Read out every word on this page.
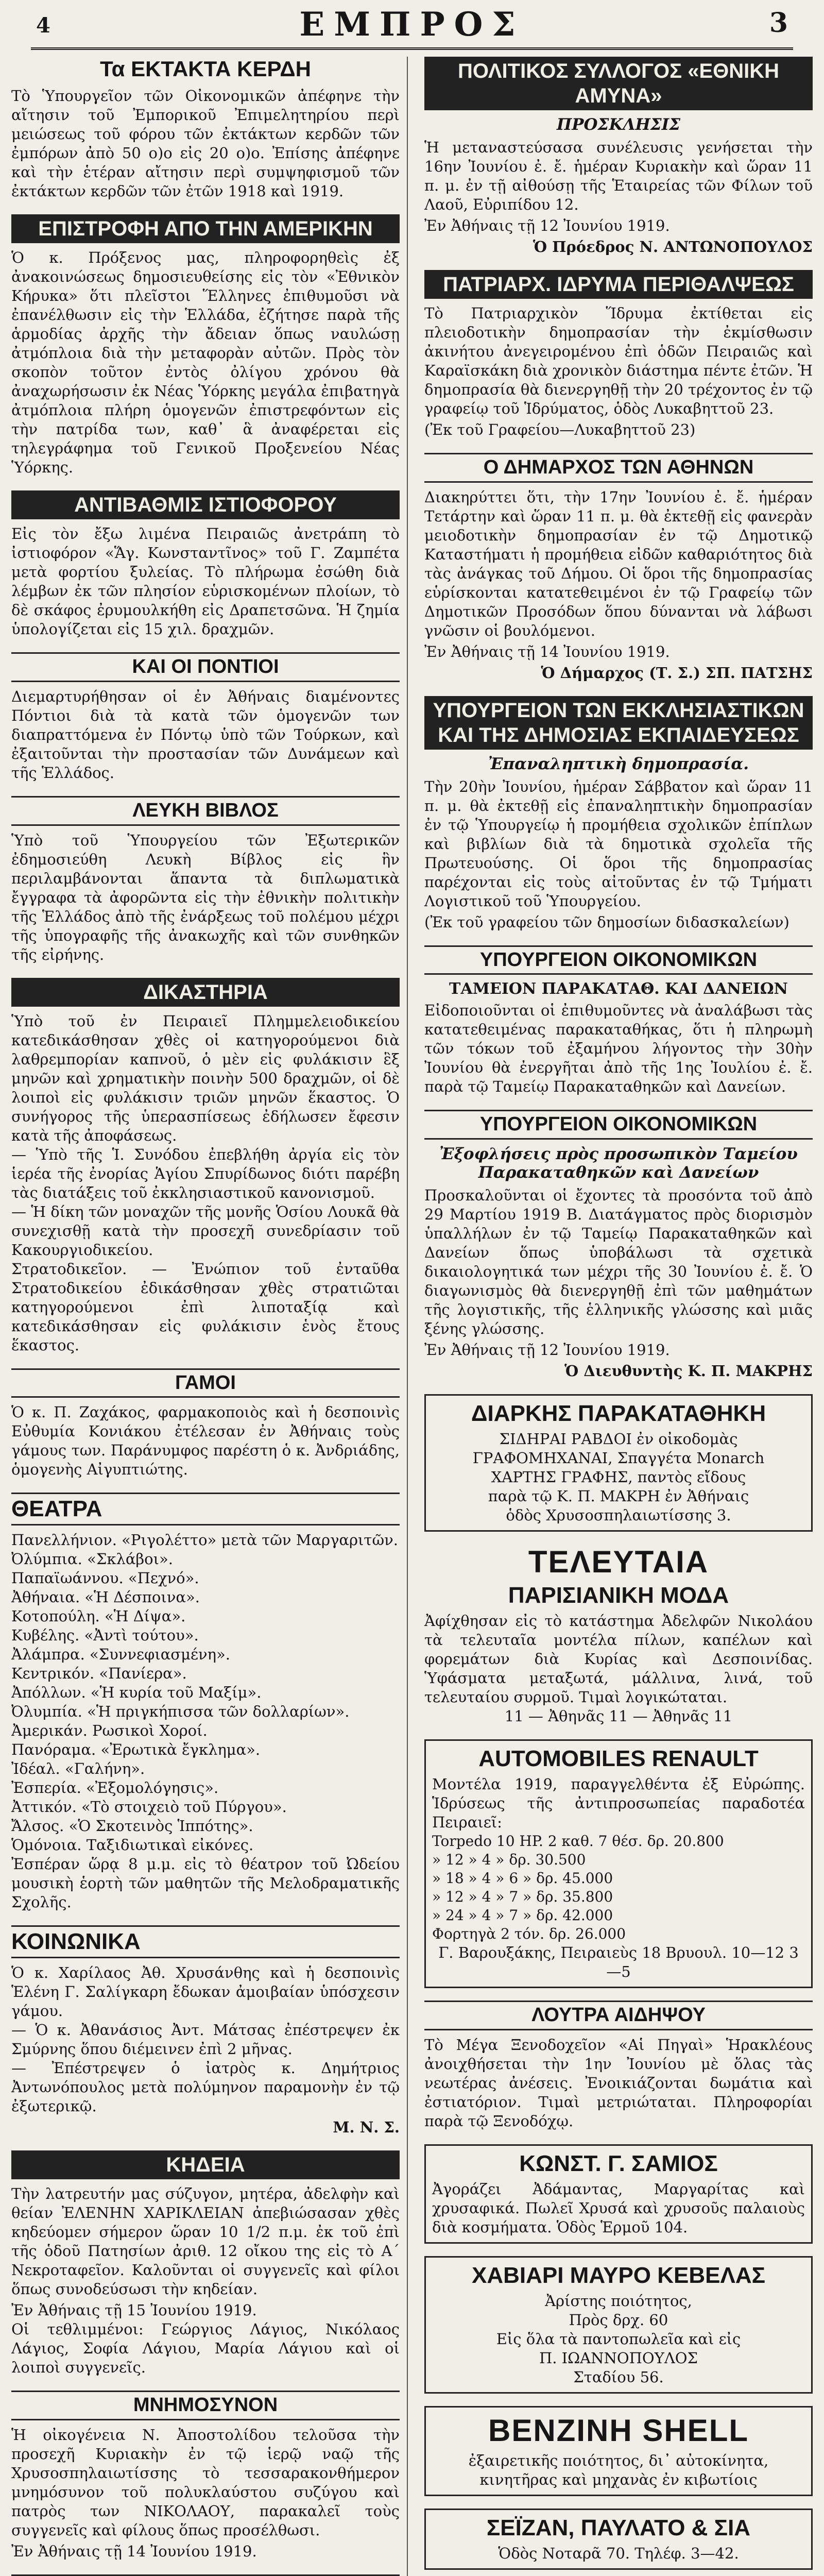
4	ΕΜΠΡΟΣ	3
Τα ΕΚΤΑΚΤΑ ΚΕΡΔΗ

Τὸ Ὑπουργεῖον τῶν Οἰκονομικῶν ἀπέφηνε τὴν αἴτησιν τοῦ Ἐμπορικοῦ Ἐπιμελητηρίου περὶ μειώσεως τοῦ φόρου τῶν ἐκτάκτων κερδῶν τῶν ἐμπόρων ἀπὸ 50 ο)ο εἰς 20 ο)ο. Ἐπίσης ἀπέφηνε καὶ τὴν ἑτέραν αἴτησιν περὶ συμψηφισμοῦ τῶν ἐκτάκτων κερδῶν τῶν ἐτῶν 1918 καὶ 1919.

ΕΠΙΣΤΡΟΦΗ ΑΠΟ ΤΗΝ ΑΜΕΡΙΚΗΝ

Ὁ κ. Πρόξενος μας, πληροφορηθεὶς ἐξ ἀνακοινώσεως δημοσιευθείσης εἰς τὸν «Ἐθνικὸν Κήρυκα» ὅτι πλεῖστοι Ἕλληνες ἐπιθυμοῦσι νὰ ἐπανέλθωσιν εἰς τὴν Ἑλλάδα, ἐζήτησε παρὰ τῆς ἁρμοδίας ἀρχῆς τὴν ἄδειαν ὅπως ναυλώσῃ ἀτμόπλοια διὰ τὴν μεταφορὰν αὐτῶν. Πρὸς τὸν σκοπὸν τοῦτον ἐντὸς ὀλίγου χρόνου θὰ ἀναχωρήσωσιν ἐκ Νέας Ὑόρκης μεγάλα ἐπιβατηγὰ ἀτμόπλοια πλήρη ὁμογενῶν ἐπιστρεφόντων εἰς τὴν πατρίδα των, καθ᾽ ἃ ἀναφέρεται εἰς τηλεγράφημα τοῦ Γενικοῦ Προξενείου Νέας Ὑόρκης.

ΑΝΤΙΒΑΘΜΙΣ ΙΣΤΙΟΦΟΡΟΥ

Εἰς τὸν ἔξω λιμένα Πειραιῶς ἀνετράπη τὸ ἰστιοφόρον «Ἅγ. Κωνσταντῖνος» τοῦ Γ. Ζαμπέτα μετὰ φορτίου ξυλείας. Τὸ πλήρωμα ἐσώθη διὰ λέμβων ἐκ τῶν πλησίον εὑρισκομένων πλοίων, τὸ δὲ σκάφος ἐρυμουλκήθη εἰς Δραπετσῶνα. Ἡ ζημία ὑπολογίζεται εἰς 15 χιλ. δραχμῶν.

ΚΑΙ ΟΙ ΠΟΝΤΙΟΙ

Διεμαρτυρήθησαν οἱ ἐν Ἀθήναις διαμένοντες Πόντιοι διὰ τὰ κατὰ τῶν ὁμογενῶν των διαπραττόμενα ἐν Πόντῳ ὑπὸ τῶν Τούρκων, καὶ ἐξαιτοῦνται τὴν προστασίαν τῶν Δυνάμεων καὶ τῆς Ἑλλάδος.

ΛΕΥΚΗ ΒΙΒΛΟΣ

Ὑπὸ τοῦ Ὑπουργείου τῶν Ἐξωτερικῶν ἐδημοσιεύθη Λευκὴ Βίβλος εἰς ἣν περιλαμβάνονται ἅπαντα τὰ διπλωματικὰ ἔγγραφα τὰ ἀφορῶντα εἰς τὴν ἐθνικὴν πολιτικὴν τῆς Ἑλλάδος ἀπὸ τῆς ἐνάρξεως τοῦ πολέμου μέχρι τῆς ὑπογραφῆς τῆς ἀνακωχῆς καὶ τῶν συνθηκῶν τῆς εἰρήνης.

ΔΙΚΑΣΤΗΡΙΑ

Ὑπὸ τοῦ ἐν Πειραιεῖ Πλημμελειοδικείου κατεδικάσθησαν χθὲς οἱ κατηγορούμενοι διὰ λαθρεμπορίαν καπνοῦ, ὁ μὲν εἰς φυλάκισιν ἓξ μηνῶν καὶ χρηματικὴν ποινὴν 500 δραχμῶν, οἱ δὲ λοιποὶ εἰς φυλάκισιν τριῶν μηνῶν ἕκαστος. Ὁ συνήγορος τῆς ὑπερασπίσεως ἐδήλωσεν ἔφεσιν κατὰ τῆς ἀποφάσεως.

— Ὑπὸ τῆς Ἱ. Συνόδου ἐπεβλήθη ἀργία εἰς τὸν ἱερέα τῆς ἐνορίας Ἁγίου Σπυρίδωνος διότι παρέβη τὰς διατάξεις τοῦ ἐκκλησιαστικοῦ κανονισμοῦ.

— Ἡ δίκη τῶν μοναχῶν τῆς μονῆς Ὁσίου Λουκᾶ θὰ συνεχισθῇ κατὰ τὴν προσεχῆ συνεδρίασιν τοῦ Κακουργιοδικείου.

Στρατοδικεῖον. — Ἐνώπιον τοῦ ἐνταῦθα Στρατοδικείου ἐδικάσθησαν χθὲς στρατιῶται κατηγορούμενοι ἐπὶ λιποταξίᾳ καὶ κατεδικάσθησαν εἰς φυλάκισιν ἑνὸς ἔτους ἕκαστος.

ΓΑΜΟΙ

Ὁ κ. Π. Ζαχάκος, φαρμακοποιὸς καὶ ἡ δεσποινὶς Εὐθυμία Κονιάκου ἐτέλεσαν ἐν Ἀθήναις τοὺς γάμους των. Παράνυμφος παρέστη ὁ κ. Ἀνδριάδης, ὁμογενὴς Αἰγυπτιώτης.

ΘΕΑΤΡΑ
Πανελλήνιον. «Ριγολέττο» μετὰ τῶν Μαργαριτῶν.
Ὀλύμπια. «Σκλάβοι».
Παπαϊωάννου. «Πεχνό».
Ἀθήναια. «Ἡ Δέσποινα».
Κοτοπούλη. «Ἡ Δίψα».
Κυβέλης. «Ἀντὶ τούτου».
Ἀλάμπρα. «Συννεφιασμένη».
Κεντρικόν. «Πανίερα».
Ἀπόλλων. «Ἡ κυρία τοῦ Μαξίμ».
Ὀλυμπία. «Ἡ πριγκήπισσα τῶν δολλαρίων».
Ἀμερικάν. Ρωσικοὶ Χοροί.
Πανόραμα. «Ἐρωτικὰ ἔγκλημα».
Ἰδέαλ. «Γαλήνη».
Ἐσπερία. «Ἐξομολόγησις».
Ἀττικόν. «Τὸ στοιχειὸ τοῦ Πύργου».
Ἄλσος. «Ὁ Σκοτεινὸς Ἱππότης».
Ὁμόνοια. Ταξιδιωτικαὶ εἰκόνες.

Ἐσπέραν ὥρᾳ 8 μ.μ. εἰς τὸ θέατρον τοῦ Ὠδείου μουσικὴ ἑορτὴ τῶν μαθητῶν τῆς Μελοδραματικῆς Σχολῆς.

ΚΟΙΝΩΝΙΚΑ

Ὁ κ. Χαρίλαος Ἀθ. Χρυσάνθης καὶ ἡ δεσποινὶς Ἑλένη Γ. Σαλίγκαρη ἔδωκαν ἀμοιβαίαν ὑπόσχεσιν γάμου.

— Ὁ κ. Ἀθανάσιος Ἀντ. Μάτσας ἐπέστρεψεν ἐκ Σμύρνης ὅπου διέμεινεν ἐπὶ 2 μῆνας.

— Ἐπέστρεψεν ὁ ἰατρὸς κ. Δημήτριος Ἀντωνόπουλος μετὰ πολύμηνον παραμονὴν ἐν τῷ ἐξωτερικῷ.

Μ. Ν. Σ.

ΚΗΔΕΙΑ

Τὴν λατρευτήν μας σύζυγον, μητέρα, ἀδελφὴν καὶ θείαν ἘΛΕΝΗΝ ΧΑΡΙΚΛΕΙΑΝ ἀπεβιώσασαν χθὲς κηδεύομεν σήμερον ὥραν 10 1/2 π.μ. ἐκ τοῦ ἐπὶ τῆς ὁδοῦ Πατησίων ἀριθ. 12 οἴκου της εἰς τὸ Α΄ Νεκροταφεῖον. Καλοῦνται οἱ συγγενεῖς καὶ φίλοι ὅπως συνοδεύσωσι τὴν κηδείαν.

Ἐν Ἀθήναις τῇ 15 Ἰουνίου 1919.

Οἱ τεθλιμμένοι: Γεώργιος Λάγιος, Νικόλαος Λάγιος, Σοφία Λάγιου, Μαρία Λάγιου καὶ οἱ λοιποὶ συγγενεῖς.

ΜΝΗΜΟΣΥΝΟΝ

Ἡ οἰκογένεια Ν. Ἀποστολίδου τελοῦσα τὴν προσεχῆ Κυριακὴν ἐν τῷ ἱερῷ ναῷ τῆς Χρυσοσπηλαιωτίσσης τὸ τεσσαρακονθήμερον μνημόσυνον τοῦ πολυκλαύστου συζύγου καὶ πατρὸς των ΝΙΚΟΛΑΟΥ, παρακαλεῖ τοὺς συγγενεῖς καὶ φίλους ὅπως προσέλθωσι.

Ἐν Ἀθήναις τῇ 14 Ἰουνίου 1919.

ΠΟΛΙΤΙΚΟΣ ΣΥΛΛΟΓΟΣ «ΕΘΝΙΚΗ ΑΜΥΝΑ»

ΠΡΟΣΚΛΗΣΙΣ

Ἡ μεταναστεύσασα συνέλευσις γενήσεται τὴν 16ην Ἰουνίου ἐ. ἔ. ἡμέραν Κυριακὴν καὶ ὥραν 11 π. μ. ἐν τῇ αἰθούσῃ τῆς Ἑταιρείας τῶν Φίλων τοῦ Λαοῦ, Εὐριπίδου 12.

Ἐν Ἀθήναις τῇ 12 Ἰουνίου 1919.

Ὁ Πρόεδρος Ν. ΑΝΤΩΝΟΠΟΥΛΟΣ

ΠΑΤΡΙΑΡΧ. ΙΔΡΥΜΑ ΠΕΡΙΘΑΛΨΕΩΣ

Τὸ Πατριαρχικὸν Ἵδρυμα ἐκτίθεται εἰς πλειοδοτικὴν δημοπρασίαν τὴν ἐκμίσθωσιν ἀκινήτου ἀνεγειρομένου ἐπὶ ὁδῶν Πειραιῶς καὶ Καραϊσκάκη διὰ χρονικὸν διάστημα πέντε ἐτῶν. Ἡ δημοπρασία θὰ διενεργηθῇ τὴν 20 τρέχοντος ἐν τῷ γραφείῳ τοῦ Ἱδρύματος, ὁδὸς Λυκαβηττοῦ 23.

(Ἐκ τοῦ Γραφείου—Λυκαβηττοῦ 23)

Ο ΔΗΜΑΡΧΟΣ ΤΩΝ ΑΘΗΝΩΝ

Διακηρύττει ὅτι, τὴν 17ην Ἰουνίου ἐ. ἔ. ἡμέραν Τετάρτην καὶ ὥραν 11 π. μ. θὰ ἐκτεθῇ εἰς φανερὰν μειοδοτικὴν δημοπρασίαν ἐν τῷ Δημοτικῷ Καταστήματι ἡ προμήθεια εἰδῶν καθαριότητος διὰ τὰς ἀνάγκας τοῦ Δήμου. Οἱ ὅροι τῆς δημοπρασίας εὑρίσκονται κατατεθειμένοι ἐν τῷ Γραφείῳ τῶν Δημοτικῶν Προσόδων ὅπου δύνανται νὰ λάβωσι γνῶσιν οἱ βουλόμενοι.

Ἐν Ἀθήναις τῇ 14 Ἰουνίου 1919.

Ὁ Δήμαρχος (Τ. Σ.) ΣΠ. ΠΑΤΣΗΣ

ΥΠΟΥΡΓΕΙΟΝ ΤΩΝ ΕΚΚΛΗΣΙΑΣΤΙΚΩΝ ΚΑΙ ΤΗΣ ΔΗΜΟΣΙΑΣ ΕΚΠΑΙΔΕΥΣΕΩΣ

Ἐπαναληπτικὴ δημοπρασία.

Τὴν 20ὴν Ἰουνίου, ἡμέραν Σάββατον καὶ ὥραν 11 π. μ. θὰ ἐκτεθῇ εἰς ἐπαναληπτικὴν δημοπρασίαν ἐν τῷ Ὑπουργείῳ ἡ προμήθεια σχολικῶν ἐπίπλων καὶ βιβλίων διὰ τὰ δημοτικὰ σχολεῖα τῆς Πρωτευούσης. Οἱ ὅροι τῆς δημοπρασίας παρέχονται εἰς τοὺς αἰτοῦντας ἐν τῷ Τμήματι Λογιστικοῦ τοῦ Ὑπουργείου.

(Ἐκ τοῦ γραφείου τῶν δημοσίων διδασκαλείων)

ΥΠΟΥΡΓΕΙΟΝ ΟΙΚΟΝΟΜΙΚΩΝ

ΤΑΜΕΙΟΝ ΠΑΡΑΚΑΤΑΘ. ΚΑΙ ΔΑΝΕΙΩΝ

Εἰδοποιοῦνται οἱ ἐπιθυμοῦντες νὰ ἀναλάβωσι τὰς κατατεθειμένας παρακαταθήκας, ὅτι ἡ πληρωμὴ τῶν τόκων τοῦ ἐξαμήνου λήγοντος τὴν 30ὴν Ἰουνίου θὰ ἐνεργῆται ἀπὸ τῆς 1ης Ἰουλίου ἐ. ἔ. παρὰ τῷ Ταμείῳ Παρακαταθηκῶν καὶ Δανείων.

ΥΠΟΥΡΓΕΙΟΝ ΟΙΚΟΝΟΜΙΚΩΝ

Ἐξοφλήσεις πρὸς προσωπικὸν Ταμείου Παρακαταθηκῶν καὶ Δανείων

Προσκαλοῦνται οἱ ἔχοντες τὰ προσόντα τοῦ ἀπὸ 29 Μαρτίου 1919 Β. Διατάγματος πρὸς διορισμὸν ὑπαλλήλων ἐν τῷ Ταμείῳ Παρακαταθηκῶν καὶ Δανείων ὅπως ὑποβάλωσι τὰ σχετικὰ δικαιολογητικά των μέχρι τῆς 30 Ἰουνίου ἐ. ἔ. Ὁ διαγωνισμὸς θὰ διενεργηθῇ ἐπὶ τῶν μαθημάτων τῆς λογιστικῆς, τῆς ἑλληνικῆς γλώσσης καὶ μιᾶς ξένης γλώσσης.

Ἐν Ἀθήναις τῇ 12 Ἰουνίου 1919.

Ὁ Διευθυντὴς Κ. Π. ΜΑΚΡΗΣ

ΔΙΑΡΚΗΣ ΠΑΡΑΚΑΤΑΘΗΚΗ

ΣΙΔΗΡΑΙ ΡΑΒΔΟΙ ἐν οἰκοδομὰς

ΓΡΑΦΟΜΗΧΑΝΑΙ, Σπαγγέτα Monarch

ΧΑΡΤΗΣ ΓΡΑΦΗΣ, παντὸς εἴδους

παρὰ τῷ Κ. Π. ΜΑΚΡΗ ἐν Ἀθήναις

ὁδὸς Χρυσοσπηλαιωτίσσης 3.

ΤΕΛΕΥΤΑΙΑ

ΠΑΡΙΣΙΑΝΙΚΗ ΜΟΔΑ

Ἀφίχθησαν εἰς τὸ κατάστημα Ἀδελφῶν Νικολάου τὰ τελευταῖα μοντέλα πίλων, καπέλων καὶ φορεμάτων διὰ Κυρίας καὶ Δεσποινίδας. Ὑφάσματα μεταξωτά, μάλλινα, λινά, τοῦ τελευταίου συρμοῦ. Τιμαὶ λογικώταται.

11 — Ἀθηνᾶς 11 — Ἀθηνᾶς 11

AUTOMOBILES RENAULT

Μοντέλα 1919, παραγγελθέντα ἐξ Εὐρώπης. Ἱδρύσεως τῆς ἀντιπροσωπείας παραδοτέα Πειραιεῖ:

Torpedo 10 HP. 2 καθ. 7 θέσ. δρ. 20.800
» 12 » 4 » δρ. 30.500
» 18 » 4 » 6 » δρ. 45.000
» 12 » 4 » 7 » δρ. 35.800
» 24 » 4 » 7 » δρ. 42.000
Φορτηγὰ 2 τόν. δρ. 26.000

Γ. Βαρουξάκης, Πειραιεὺς 18 Βρυουλ. 10—12 3—5

ΛΟΥΤΡΑ ΑΙΔΗΨΟΥ

Τὸ Μέγα Ξενοδοχεῖον «Αἱ Πηγαὶ» Ἡρακλέους ἀνοιχθήσεται τὴν 1ην Ἰουνίου μὲ ὅλας τὰς νεωτέρας ἀνέσεις. Ἐνοικιάζονται δωμάτια καὶ ἐστιατόριον. Τιμαὶ μετριώταται. Πληροφορίαι παρὰ τῷ Ξενοδόχῳ.

ΚΩΝΣΤ. Γ. ΣΑΜΙΟΣ

Ἀγοράζει Ἀδάμαντας, Μαργαρίτας καὶ χρυσαφικά. Πωλεῖ Χρυσά καὶ χρυσοῦς παλαιοὺς διὰ κοσμήματα. Ὁδὸς Ἑρμοῦ 104.

ΧΑΒΙΑΡΙ ΜΑΥΡΟ ΚΕΒΕΛΑΣ

Ἀρίστης ποιότητος,

Πρὸς δρχ. 60

Εἰς ὅλα τὰ παντοπωλεῖα καὶ εἰς

Π. ΙΩΑΝΝΟΠΟΥΛΟΣ

Σταδίου 56.

BENZINH SHELL

ἐξαιρετικῆς ποιότητος, δι᾽ αὐτοκίνητα, κινητῆρας καὶ μηχανὰς ἐν κιβωτίοις

ΣΕΪΖΑΝ, ΠΑΥΛΑΤΟ & ΣΙΑ

Ὁδὸς Νοταρᾶ 70. Τηλέφ. 3—42.
